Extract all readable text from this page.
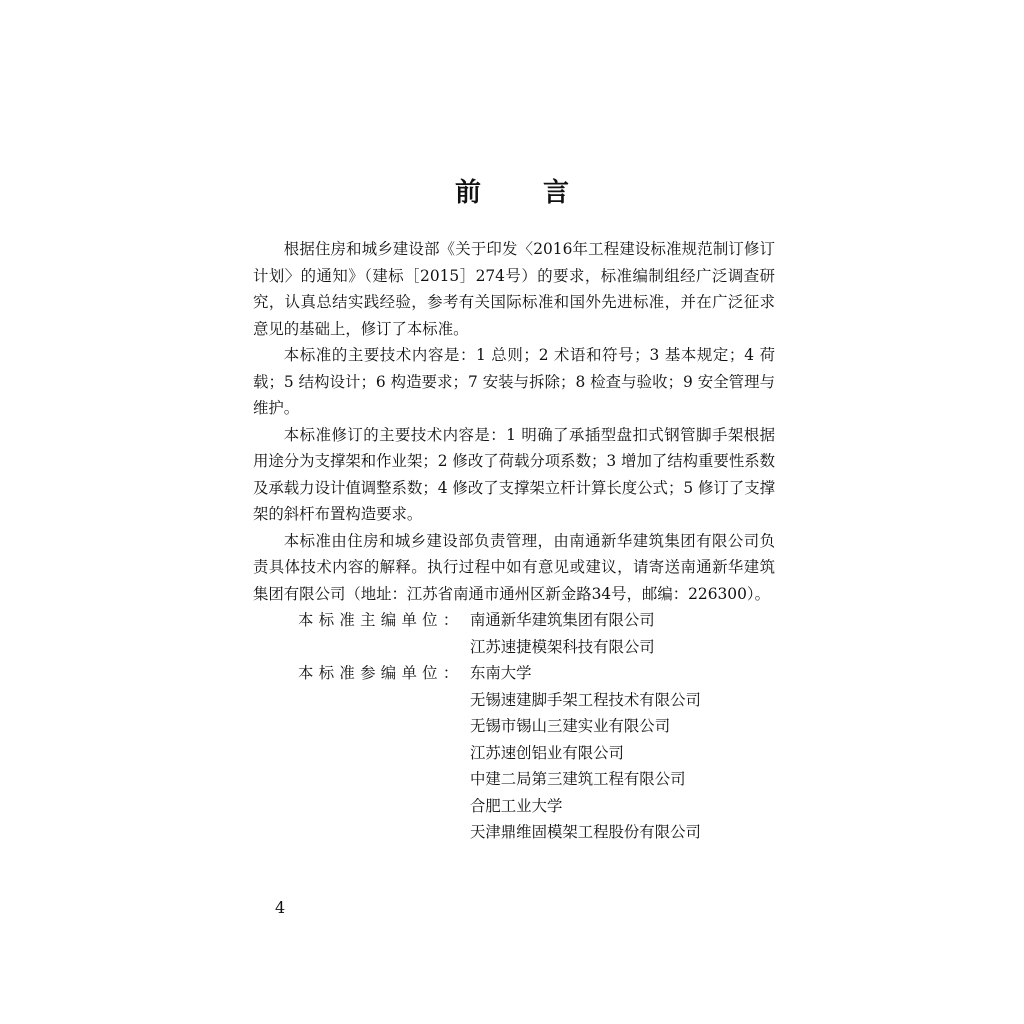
前 言

根据住房和城乡建设部《关于印发〈2016年工程建设标准规范制订修订计划〉的通知》（建标［2015］274号）的要求，标准编制组经广泛调查研究，认真总结实践经验，参考有关国际标准和国外先进标准，并在广泛征求意见的基础上，修订了本标准。

本标准的主要技术内容是：1 总则；2 术语和符号；3 基本规定；4 荷载；5 结构设计；6 构造要求；7 安装与拆除；8 检查与验收；9 安全管理与维护。

本标准修订的主要技术内容是：1 明确了承插型盘扣式钢管脚手架根据用途分为支撑架和作业架；2 修改了荷载分项系数；3 增加了结构重要性系数及承载力设计值调整系数；4 修改了支撑架立杆计算长度公式；5 修订了支撑架的斜杆布置构造要求。

本标准由住房和城乡建设部负责管理，由南通新华建筑集团有限公司负责具体技术内容的解释。执行过程中如有意见或建议，请寄送南通新华建筑集团有限公司（地址：江苏省南通市通州区新金路34号，邮编：226300）。

本标准主编单位： 南通新华建筑集团有限公司
江苏速捷模架科技有限公司
本标准参编单位： 东南大学
无锡速建脚手架工程技术有限公司
无锡市锡山三建实业有限公司
江苏速创铝业有限公司
中建二局第三建筑工程有限公司
合肥工业大学
天津鼎维固模架工程股份有限公司
4
